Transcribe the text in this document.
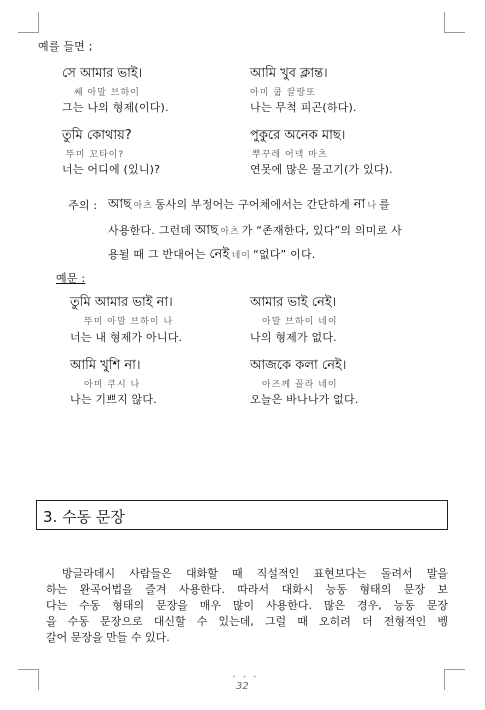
예를 들면 ;
সে আমার ভাই।
쎄 아말 브하이
그는 나의 형제(이다).
আমি খুব ক্লান্ত।
아미 쿱 끌랑또
나는 무척 피곤(하다).
তুমি কোথায়?
뚜미 꼬타이?
너는 어디에 (있니)?
পুকুরে অনেক মাছ।
뿌꾸레 어넥 마츠
연못에 많은 물고기(가 있다).
주의 : আছ 아츠 동사의 부정어는 구어체에서는 간단하게 না 나 를
사용한다. 그런데 আছ 아츠 가 “존재한다, 있다”의 의미로 사
용될 때 그 반대어는 নেই 네이 “없다” 이다.
예문 :
তুমি আমার ভাই না।
뚜미 아말 브하이 나
너는 내 형제가 아니다.
আমার ভাই নেই।
아말 브하이 네이
나의 형제가 없다.
আমি খুশি না।
아미 쿠시 나
나는 기쁘지 않다.
আজকে কলা নেই।
아즈께 꼴라 네이
오늘은 바나나가 없다.
3. 수동 문장
방글라데시 사람들은 대화할 때 직설적인 표현보다는 돌려서 말을
하는 완곡어법을 즐겨 사용한다. 따라서 대화시 능동 형태의 문장 보
다는 수동 형태의 문장을 매우 많이 사용한다. 많은 경우, 능동 문장
을 수동 문장으로 대신할 수 있는데, 그럴 때 오히려 더 전형적인 벵
갈어 문장을 만들 수 있다.
• • •
32
